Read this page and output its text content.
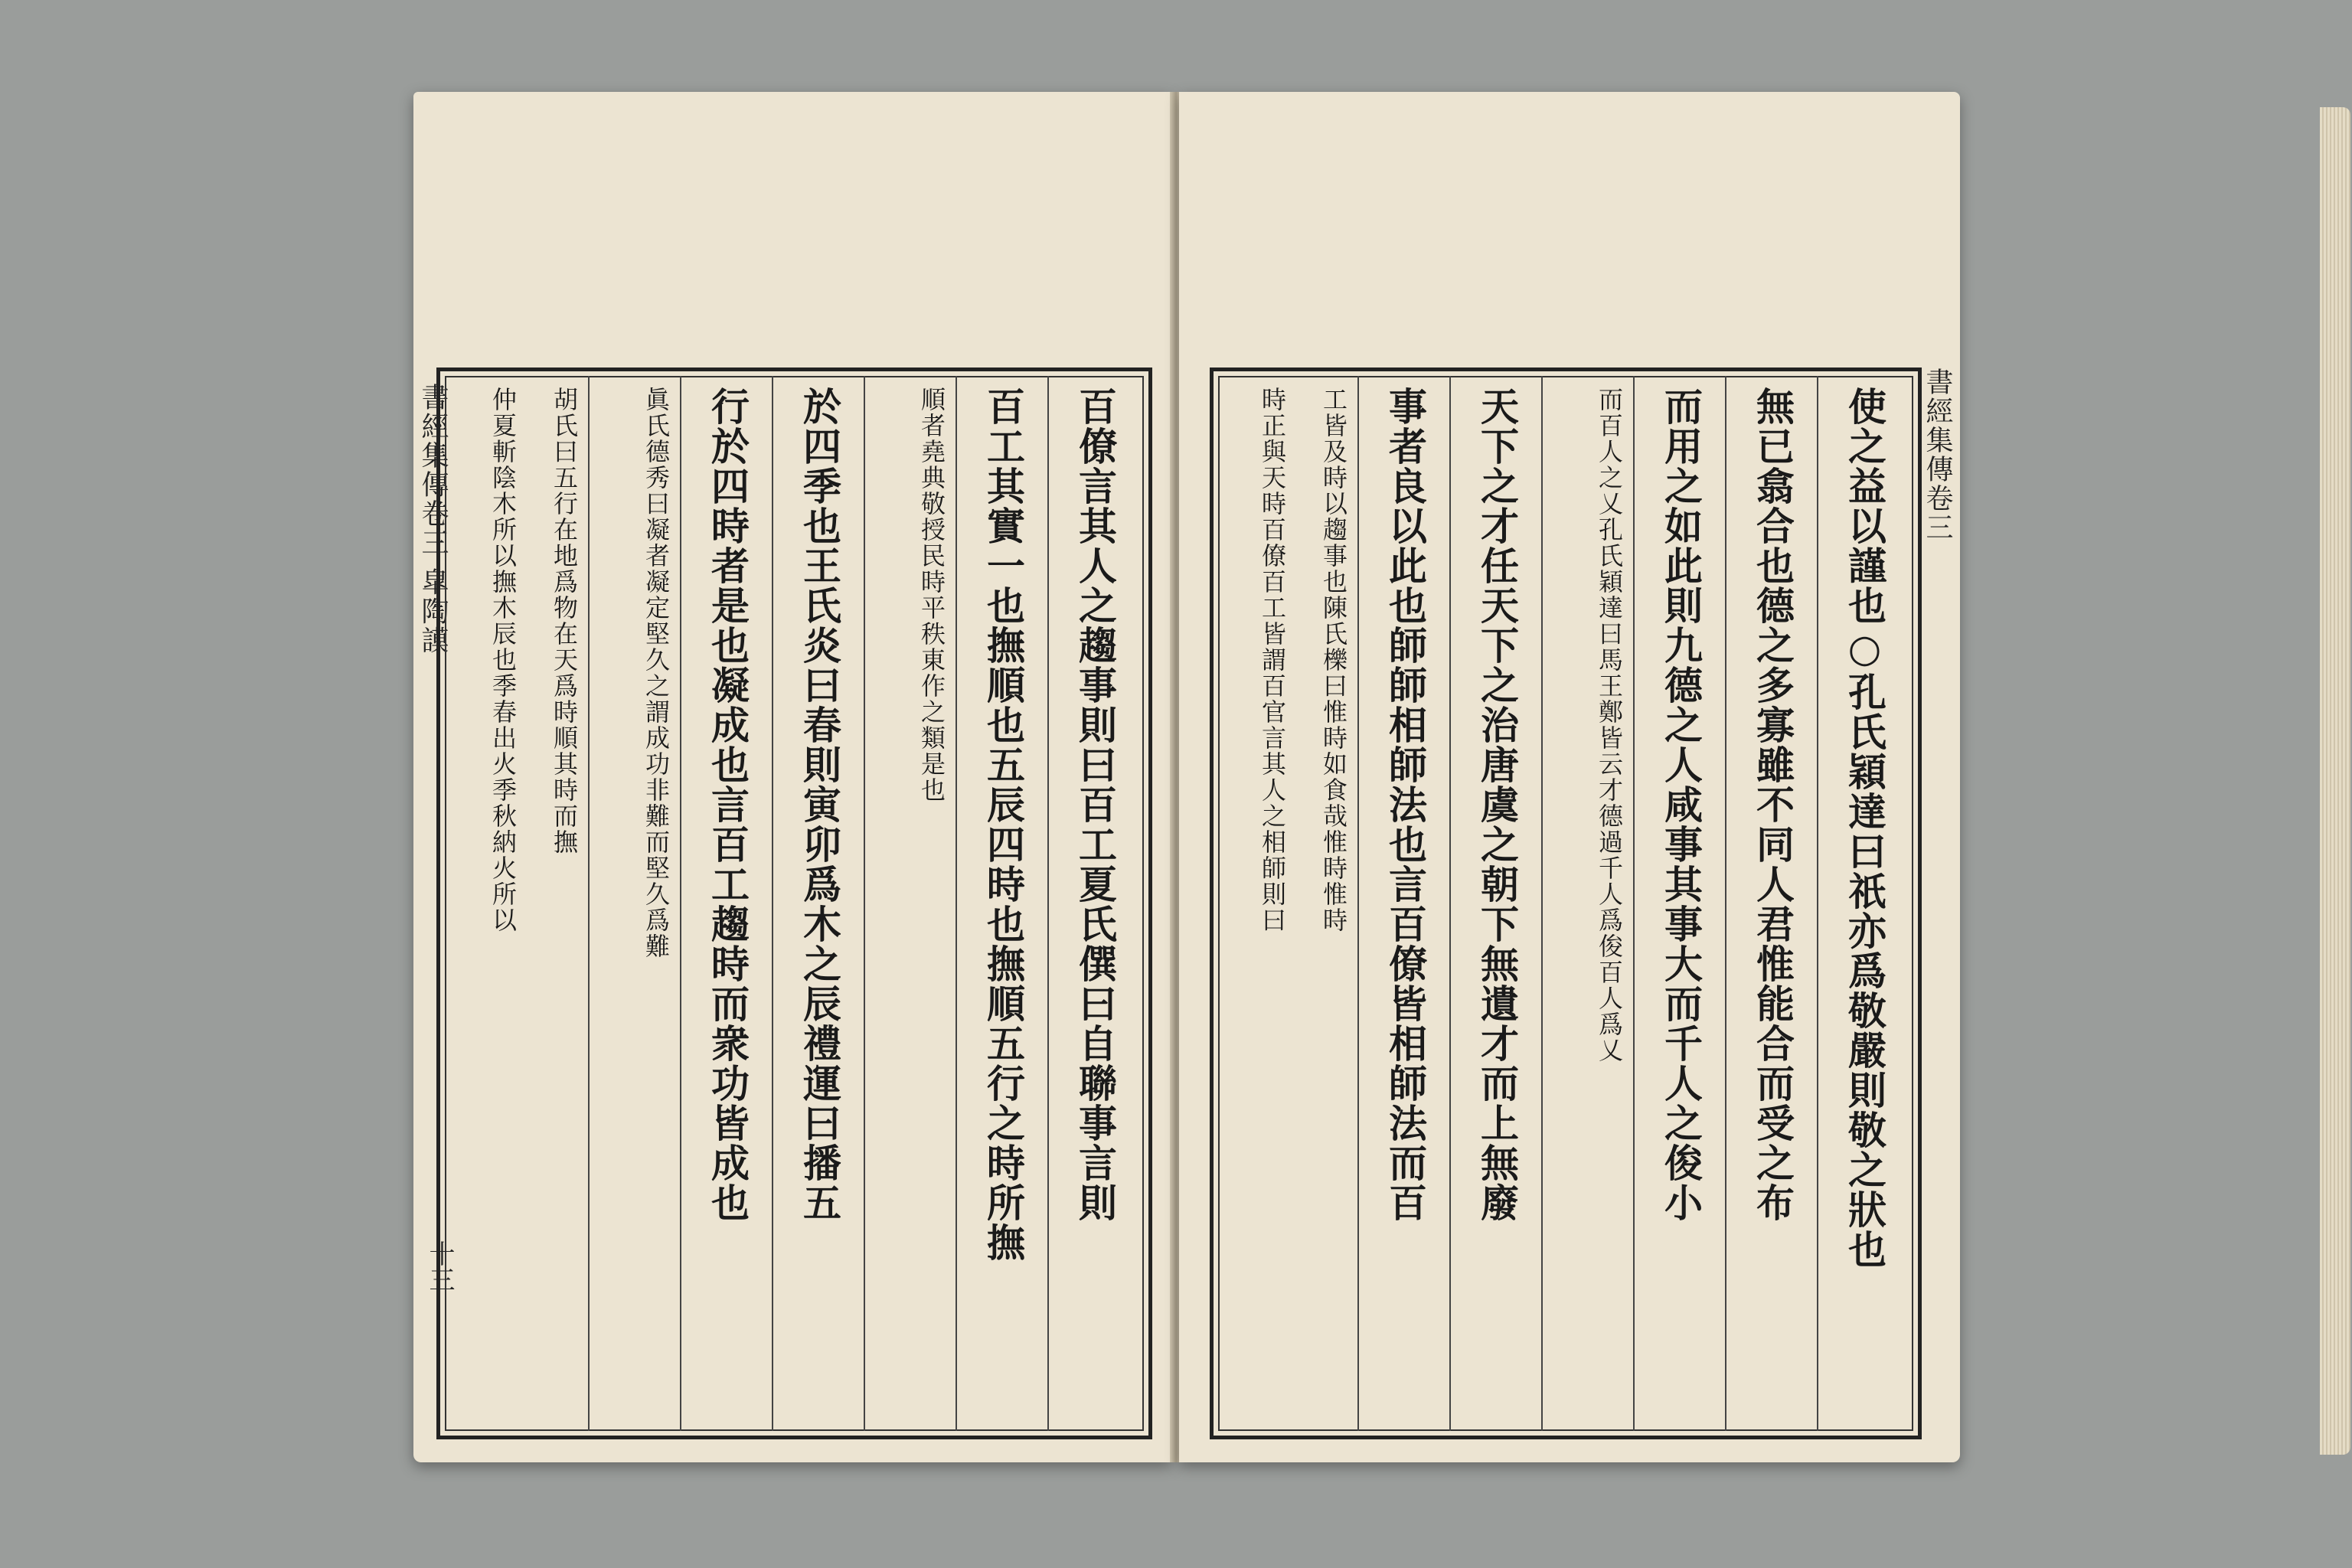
書經集傳卷三 皐陶謨	百僚言其人之趨事則曰百工夏氏僎曰自聯事言則
百工其實一也撫順也五辰四時也撫順五行之時所撫
順者堯典敬授民時平秩東作之類是也
於四季也王氏炎曰春則寅卯爲木之辰禮運曰播五
行於四時者是也凝成也言百工趨時而衆功皆成也
眞氏德秀曰凝者凝定堅久之謂成功非難而堅久爲難
胡氏曰五行在地爲物在天爲時順其時而撫
仲夏斬陰木所以撫木辰也季春出火季秋納火所以
十三	使之益以謹也○孔氏穎達曰祇亦爲敬嚴則敬之狀也
無已翕合也德之多寡雖不同人君惟能合而受之布
而用之如此則九德之人咸事其事大而千人之俊小
而百人之乂孔氏穎達曰馬王鄭皆云才德過千人爲俊百人爲乂
天下之才任天下之治唐虞之朝下無遺才而上無廢
事者良以此也師師相師法也言百僚皆相師法而百
工皆及時以趨事也陳氏櫟曰惟時如食哉惟時惟時
時正與天時百僚百工皆謂百官言其人之相師則曰	書經集傳卷三
